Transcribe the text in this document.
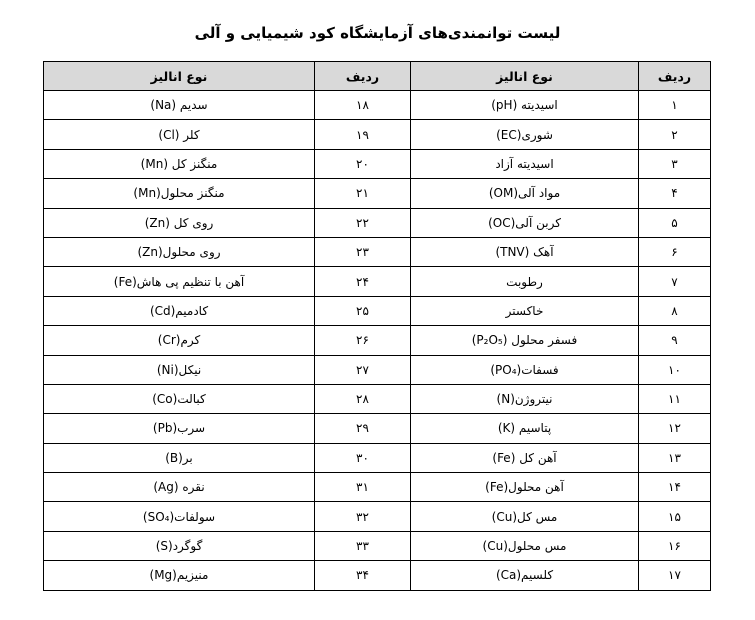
لیست توانمندی‌های آزمایشگاه کود شیمیایی و آلی
ردیف	نوع انالیز	ردیف	نوع انالیز
۱	اسیدیته (pH)	۱۸	سدیم (Na)
۲	شوری(EC)	۱۹	کلر (Cl)
۳	اسیدیته آزاد	۲۰	منگنز کل (Mn)
۴	مواد آلی(OM)	۲۱	منگنز محلول(Mn)
۵	کربن آلی(OC)	۲۲	روی کل (Zn)
۶	آهک (TNV)	۲۳	روی محلول(Zn)
۷	رطوبت	۲۴	آهن با تنظیم پی هاش(Fe)
۸	خاکستر	۲۵	کادمیم(Cd)
۹	فسفر محلول (P₂O₅)	۲۶	کرم(Cr)
۱۰	فسفات(PO₄)	۲۷	نیکل(Ni)
۱۱	نیتروژن(N)	۲۸	کبالت(Co)
۱۲	پتاسیم (K)	۲۹	سرب(Pb)
۱۳	آهن کل (Fe)	۳۰	بر(B)
۱۴	آهن محلول(Fe)	۳۱	نقره (Ag)
۱۵	مس کل(Cu)	۳۲	سولفات(SO₄)
۱۶	مس محلول(Cu)	۳۳	گوگرد(S)
۱۷	کلسیم(Ca)	۳۴	منیزیم(Mg)
